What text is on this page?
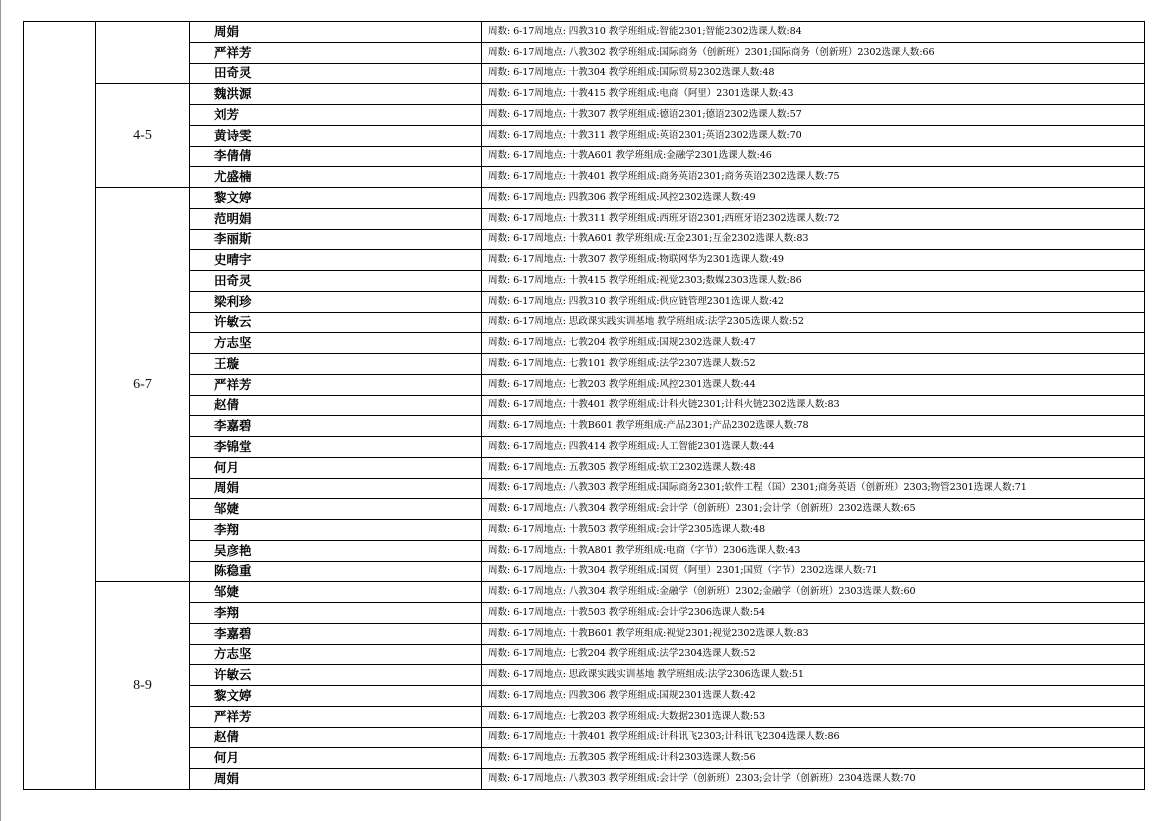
		周娟	周数: 6-17周地点: 四教310 教学班组成:智能2301;智能2302选课人数:84
		严祥芳	周数: 6-17周地点: 八教302 教学班组成:国际商务（创新班）2301;国际商务（创新班）2302选课人数:66
		田奇灵	周数: 6-17周地点: 十教304 教学班组成:国际贸易2302选课人数:48
	4-5	魏洪源	周数: 6-17周地点: 十教415 教学班组成:电商（阿里）2301选课人数:43
		刘芳	周数: 6-17周地点: 十教307 教学班组成:德语2301;德语2302选课人数:57
		黄诗雯	周数: 6-17周地点: 十教311 教学班组成:英语2301;英语2302选课人数:70
		李倩倩	周数: 6-17周地点: 十教A601 教学班组成:金融学2301选课人数:46
		尤盛楠	周数: 6-17周地点: 十教401 教学班组成:商务英语2301;商务英语2302选课人数:75
	6-7	黎文婷	周数: 6-17周地点: 四教306 教学班组成:风控2302选课人数:49
		范明娟	周数: 6-17周地点: 十教311 教学班组成:西班牙语2301;西班牙语2302选课人数:72
		李丽斯	周数: 6-17周地点: 十教A601 教学班组成:互金2301;互金2302选课人数:83
		史晴宇	周数: 6-17周地点: 十教307 教学班组成:物联网华为2301选课人数:49
		田奇灵	周数: 6-17周地点: 十教415 教学班组成:视觉2303;数媒2303选课人数:86
		梁利珍	周数: 6-17周地点: 四教310 教学班组成:供应链管理2301选课人数:42
		许敏云	周数: 6-17周地点: 思政课实践实训基地 教学班组成:法学2305选课人数:52
		方志坚	周数: 6-17周地点: 七教204 教学班组成:国规2302选课人数:47
		王璇	周数: 6-17周地点: 七教101 教学班组成:法学2307选课人数:52
		严祥芳	周数: 6-17周地点: 七教203 教学班组成:风控2301选课人数:44
		赵倩	周数: 6-17周地点: 十教401 教学班组成:计科火链2301;计科火链2302选课人数:83
		李嘉碧	周数: 6-17周地点: 十教B601 教学班组成:产品2301;产品2302选课人数:78
		李锦堂	周数: 6-17周地点: 四教414 教学班组成:人工智能2301选课人数:44
		何月	周数: 6-17周地点: 五教305 教学班组成:软工2302选课人数:48
		周娟	周数: 6-17周地点: 八教303 教学班组成:国际商务2301;软件工程（国）2301;商务英语（创新班）2303;物管2301选课人数:71
		邹婕	周数: 6-17周地点: 八教304 教学班组成:会计学（创新班）2301;会计学（创新班）2302选课人数:65
		李翔	周数: 6-17周地点: 十教503 教学班组成:会计学2305选课人数:48
		吴彦艳	周数: 6-17周地点: 十教A801 教学班组成:电商（字节）2306选课人数:43
		陈稳重	周数: 6-17周地点: 十教304 教学班组成:国贸（阿里）2301;国贸（字节）2302选课人数:71
	8-9	邹婕	周数: 6-17周地点: 八教304 教学班组成:金融学（创新班）2302;金融学（创新班）2303选课人数:60
		李翔	周数: 6-17周地点: 十教503 教学班组成:会计学2306选课人数:54
		李嘉碧	周数: 6-17周地点: 十教B601 教学班组成:视觉2301;视觉2302选课人数:83
		方志坚	周数: 6-17周地点: 七教204 教学班组成:法学2304选课人数:52
		许敏云	周数: 6-17周地点: 思政课实践实训基地 教学班组成:法学2306选课人数:51
		黎文婷	周数: 6-17周地点: 四教306 教学班组成:国规2301选课人数:42
		严祥芳	周数: 6-17周地点: 七教203 教学班组成:大数据2301选课人数:53
		赵倩	周数: 6-17周地点: 十教401 教学班组成:计科讯飞2303;计科讯飞2304选课人数:86
		何月	周数: 6-17周地点: 五教305 教学班组成:计科2303选课人数:56
		周娟	周数: 6-17周地点: 八教303 教学班组成:会计学（创新班）2303;会计学（创新班）2304选课人数:70
